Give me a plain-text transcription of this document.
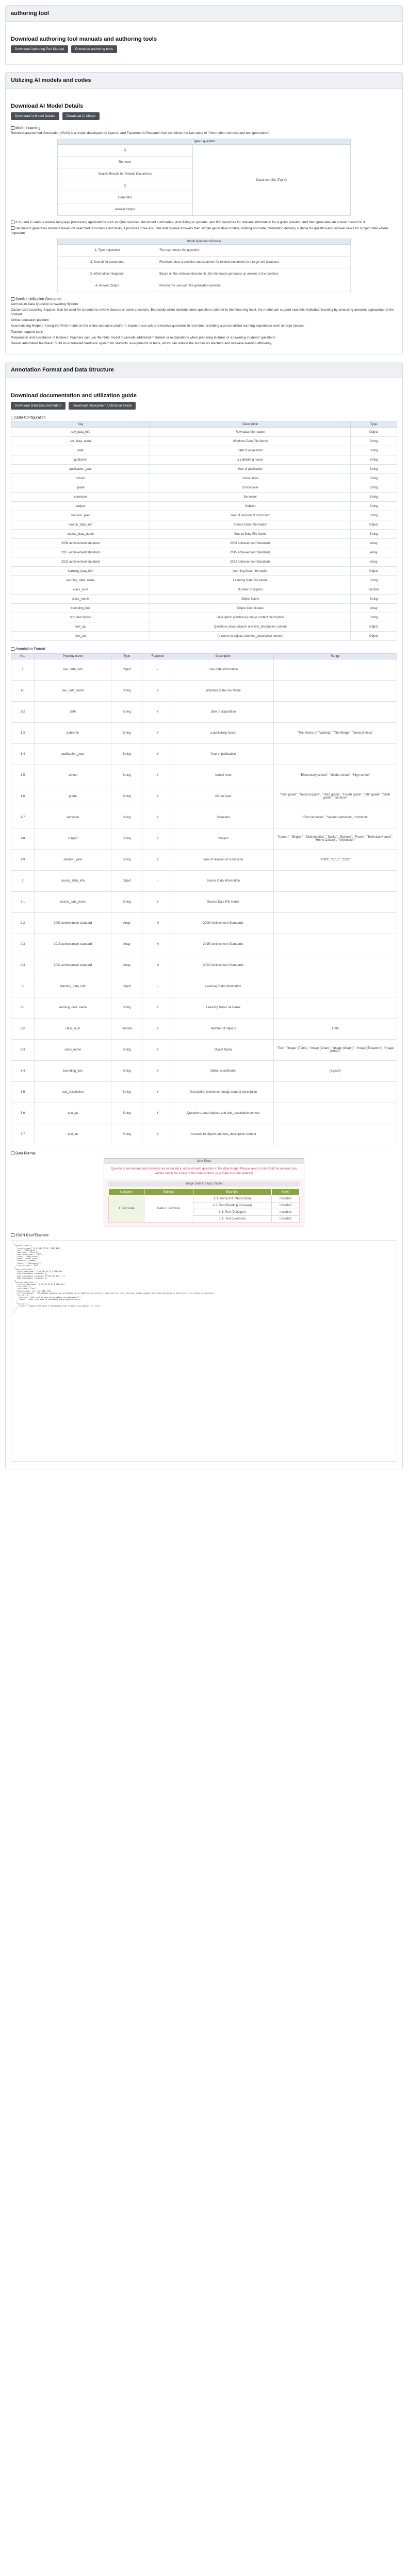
authoring tool
Download authoring tool manuals and authoring tools
Download Authoring Tool Manual	Download authoring tools
Utilizing AI models and codes
Download AI Model Details
Download AI Model Details	Download AI Model
Model Learning
Retrieval-augmented Generation (RAG) is a model developed by OpenAI and Facebook AI Research that combines the two steps of "information retrieval and text generation".
Type it question
Q
Retriever
Search Results for Related Documents
Q
Generator
Answer Output
Document Set (Top K)
It is used in various natural language processing applications such as Q&A services, document summaries, and dialogue systems, and first searches for relevant information for a given question and then generates an answer based on it
Because it generates answers based on searched documents and texts, it provides more accurate and reliable answers than simple generative models, making accurate information delivery suitable for question-and-answer tasks for subject data where important
Model Operation Process	
1. Type a question	The user enters the question.
2. Search for documents	Retriever takes a question and searches for related documents in a large text database.
3. Information Integration	Based on the retrieved documents, the Generator generates an answer to the question.
4. Answer Output	Provide the user with the generated answers.
Service Utilization Scenarios
Curriculum Data Question Answering System
Customized Learning Support: Can be used for students to review classes or solve questions. Especially when students enter questions tailored to their learning level, the model can support students' individual learning by producing answers appropriate to the content
Online education platform
Accumulating Helpers: Using the RAG model on the online education platform, learners can ask and receive questions in real time, providing a personalized learning experience even in large classes
Teacher support tools
Preparation and assistance of lectures: Teachers can use the RAG model to provide additional materials or explanations when preparing lectures or answering students' questions
Deliver automated feedback: Build an automated feedback system for students' assignments or tests, which can reduce the burden on teachers and increase learning efficiency
Annotation Format and Data Structure
Download documentation and utilization guide
Download Data Documentation	Download Deployment Utilization Guide
Data Configuration
Key	Description	Type
raw_data_info	Raw data Information	Object
raw_data_name	Windows Data File Name	String
date	date of acquisition	String
publisher	a publishing house	String
publication_year	Year of publication	String
school	school level	String
grade	School year	String
semester	Semester	String
subject	Subject	String
revision_year	Year of revision of curriculum	String
source_data_info	Source Data Information	Object
source_data_name	Source Data File Name	String
2009 achievement standard	2009 Achievement Standards	Array
2015 achievement standard	2015 Achievement Standards	Array
2022 achievement standard	2022 Achievement Standards	Array
learning_data_info	Learning Data Information	Object
learning_data_name	Learning Data File Name	String
class_num	Number of objects	number
class_name	Object Name	String
bounding_box	Object Coordinates	Array
text_description	Description (sentence) Image content description	String
text_qa	Questions about objects and text_description content	Object
text_an	Answers to objects and text_description content	Object
Annotation Format
No.	Property name	Type	Required	Description	Range
1	raw_data_info	object	-	Raw data information	
1-1	raw_data_name	String	Y	Windows Data File Name	
1-2	date	String	Y	date of acquisition	
1-3	publisher	String	Y	a publishing house	"The history of Teaching", "The Bridge", "Several kinds"
1-4	publication_year	String	Y	Year of publication	
1-5	school	String	Y	school level	"Elementary school", "Middle school", "High school"
1-6	grade	String	Y	School year	"First grade", "Second grade", "Third grade", "Fourth grade", "Fifth grade", "Sixth grade", "common"
1-7	semester	String	Y	Semester	"First semester", "Second semester", "common"
1-8	subject	String	Y	Subject	"Korean", "English", "Mathematics", "Social", "Science", "Praxis", "Technical Homes", "Home Culture", "Information"
1-9	revision_year	String	Y	Year of revision of curriculum	"2009", "2015", "2022"
2	source_data_info	object	-	Source Data Information	
2-1	source_data_name	String	Y	Source Data File Name	
2-2	2009 achievement standard	Array	N	2009 Achievement Standards	
2-3	2015 achievement standard	Array	N	2015 Achievement Standards	
2-4	2022 achievement standard	Array	N	2022 Achievement Standards	
3	learning_data_info	object	-	Learning Data Information	
3-1	learning_data_name	String	Y	Learning Data File Name	
3-2	class_num	number	Y	Number of objects	1~99
3-3	class_name	String	Y	Object Name	"Text", "Image" (Table), "Image (Chart)", "Image (Graph)", "Image (Equation)", "Image (Other)"
3-4	bounding_box	String	Y	Object coordinates	[x,y,w,h]
3-5	text_description	String	Y	Description (sentence) Image content description	
3-6	text_qa	String	Y	Questions about objects and text_description content	
3-7	text_an	String	Y	Answers to objects and text_description content	
Data Format
Item Extra
Questions are entered and answers are extracted in order of each question in the data image. Please keep in mind that the answers are written within the scope of the data content. (e.g. Data must be entered)
Image Data Groups (Table)
Category	Subtype	Example	Notes
1. Text data	Data in Textbook	1-1. Text (Unit Introduction)	Included
		1-2. Text (Reading Passage)	Included
		1-3. Text (Dialogue)	Included
		1-4. Text (Exercise)	Included
JSON Real Example
{
"raw_data_info": {
"raw_data_name": "R_HS_LEM_MT_G1_E_2015_001",
"date": "2023-08-10",
"publisher": "Mirae-N",
"publication_year": "2023",
"school": "High school",
"grade": "First grade",
"semester": "common",
"subject": "Mathematics",
"revision_year": "2015"
},
"source_data_info": {
"source_data_name": "S_HS_LEM_MT_G1_E_2015_001",
"2009 achievement standard": [],
"2015 achievement standard": ["[10수학01-01] ..."],
"2022 achievement standard": []
},
"learning_data_info": {
"learning_data_name": "L_HS_LEM_MT_G1_E_2015_001",
"class_num": 1,
"class_name": "Text",
"bounding_box": [34, 112, 980, 420],
"text_description": "The passage explains how polynomials can be added and subtracted by combining like terms, and shows worked examples for organizing terms by degree before performing the operation.",
"text_qa": {
"question": "What must be done before adding two polynomials?",
"answer": "Like terms must be identified and grouped by degree."
},
"text_an": {
"answer": "Organize the terms in descending order of degree and combine like terms."
}
}
}
